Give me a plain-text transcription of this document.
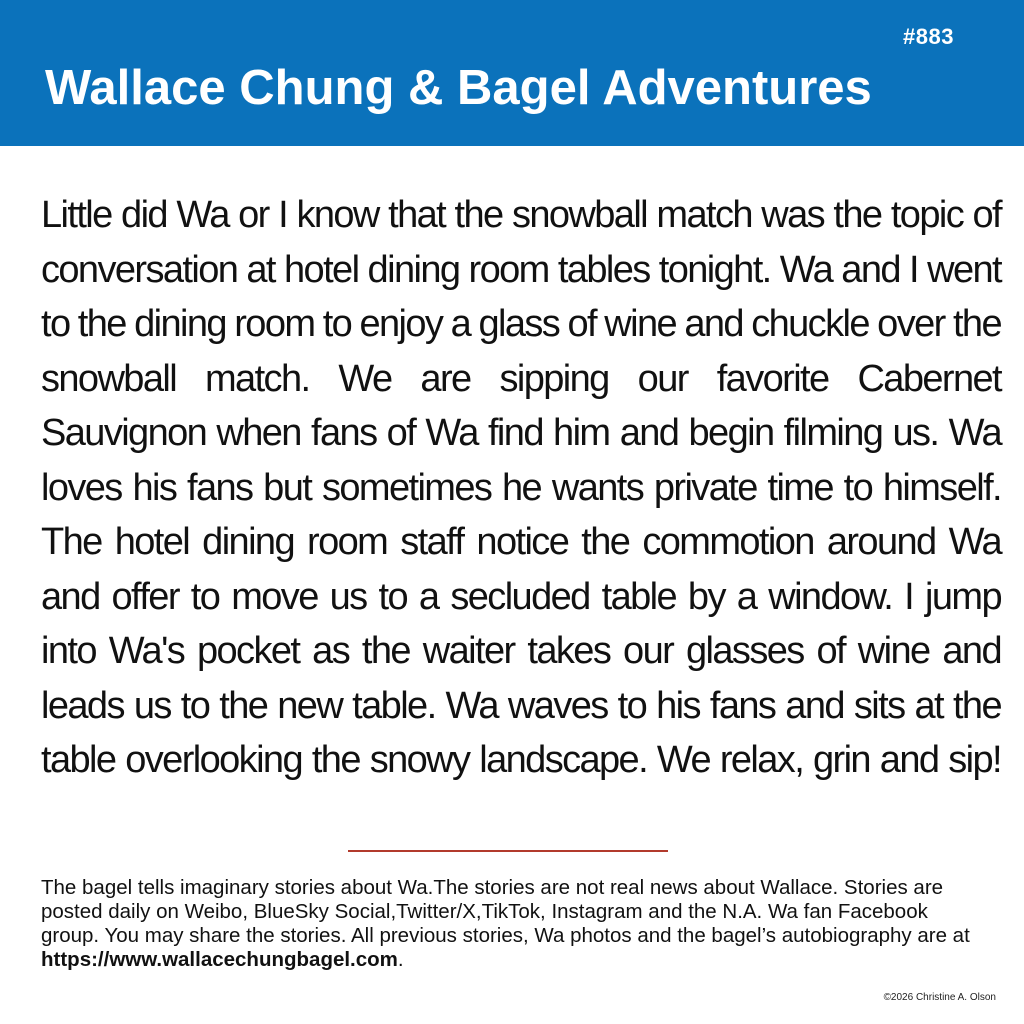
#883
Wallace Chung & Bagel Adventures
Little did Wa or I know that the snowball match was the topic of conversation at hotel dining room tables tonight. Wa and I went to the dining room to enjoy a glass of wine and chuckle over the snowball match. We are sipping our favorite Cabernet Sauvignon when fans of Wa find him and begin filming us. Wa loves his fans but sometimes he wants private time to himself. The hotel dining room staff notice the commotion around Wa and offer to move us to a secluded table by a window. I jump into Wa's pocket as the waiter takes our glasses of wine and leads us to the new table. Wa waves to his fans and sits at the table overlooking the snowy landscape. We relax, grin and sip!
The bagel tells imaginary stories about Wa.The stories are not real news about Wallace. Stories are posted daily on Weibo, BlueSky Social,Twitter/X,TikTok, Instagram and the N.A. Wa fan Facebook group. You may share the stories. All previous stories, Wa photos and the bagel’s autobiography are at https://www.wallacechungbagel.com.
©2026 Christine A. Olson
